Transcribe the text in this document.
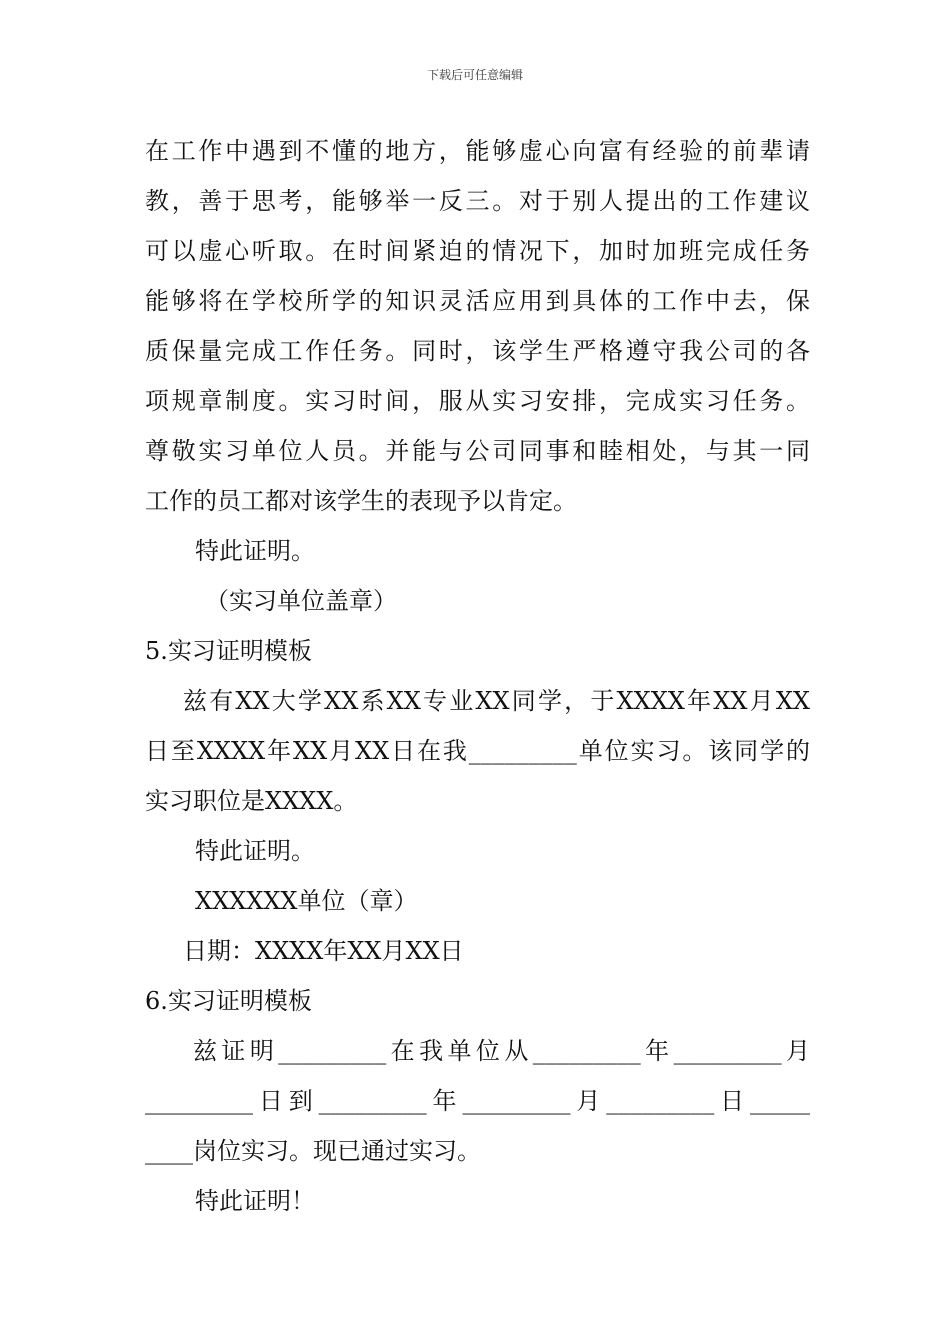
下载后可任意编辑
在工作中遇到不懂的地方，能够虚心向富有经验的前辈请
教，善于思考，能够举一反三。对于别人提出的工作建议
可以虚心听取。在时间紧迫的情况下，加时加班完成任务
能够将在学校所学的知识灵活应用到具体的工作中去，保
质保量完成工作任务。同时，该学生严格遵守我公司的各
项规章制度。实习时间，服从实习安排，完成实习任务。
尊敬实习单位人员。并能与公司同事和睦相处，与其一同
工作的员工都对该学生的表现予以肯定。
特此证明。
（实习单位盖章）
5.实习证明模板
兹有XX大学XX系XX专业XX同学，于XXXX年XX月XX
日至XXXX年XX月XX日在我_________单位实习。该同学的
实习职位是XXXX。
特此证明。
XXXXXX单位（章）
日期：XXXX年XX月XX日
6.实习证明模板
兹证明_________在我单位从_________年_________月
_________日到_________年_________月_________日_____
____岗位实习。现已通过实习。
特此证明！
